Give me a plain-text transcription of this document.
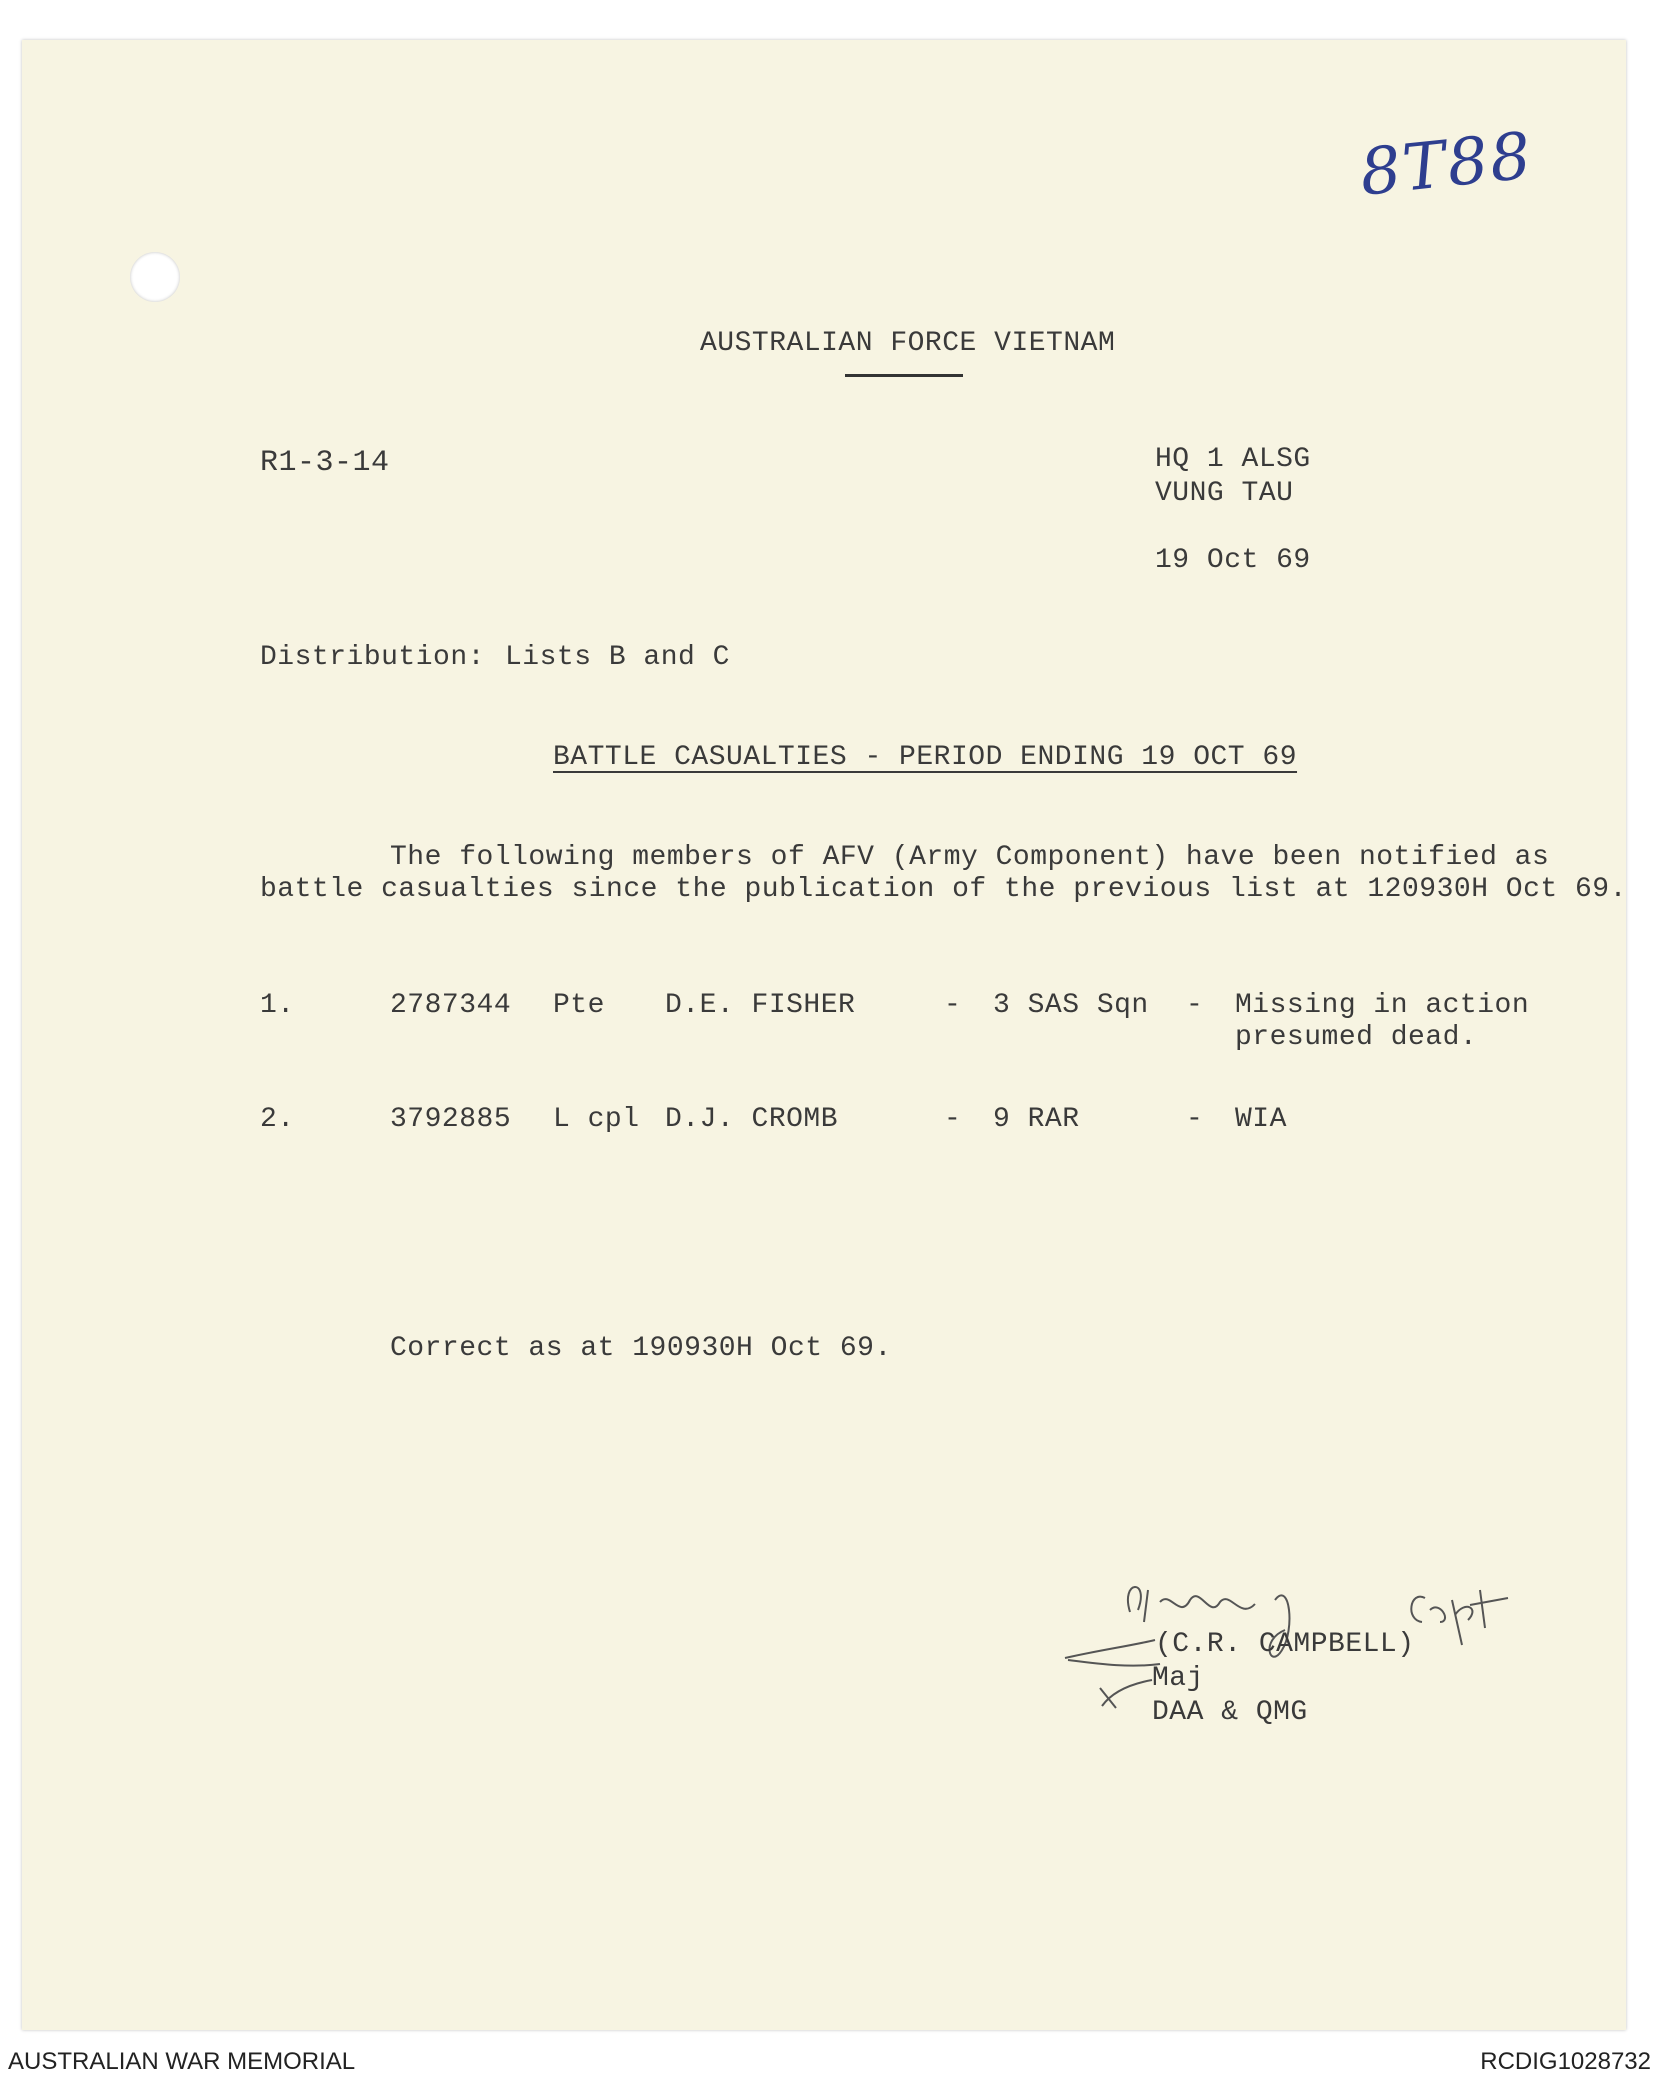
8T88
AUSTRALIAN FORCE VIETNAM
R1-3-14	HQ 1 ALSG
VUNG TAU
19 Oct 69
Distribution: Lists B and C
BATTLE CASUALTIES - PERIOD ENDING 19 OCT 69
The following members of AFV (Army Component) have been notified as
battle casualties since the publication of the previous list at 120930H Oct 69.
1.	2787344 Pte D.E. FISHER	- 3 SAS Sqn - Missing in action
presumed dead.
2.	3792885 L cpl D.J. CROMB	- 9 RAR	- WIA
Correct as at 190930H Oct 69.
(C.R. CAMPBELL)
Maj
DAA & QMG
AUSTRALIAN WAR MEMORIAL	RCDIG1028732
